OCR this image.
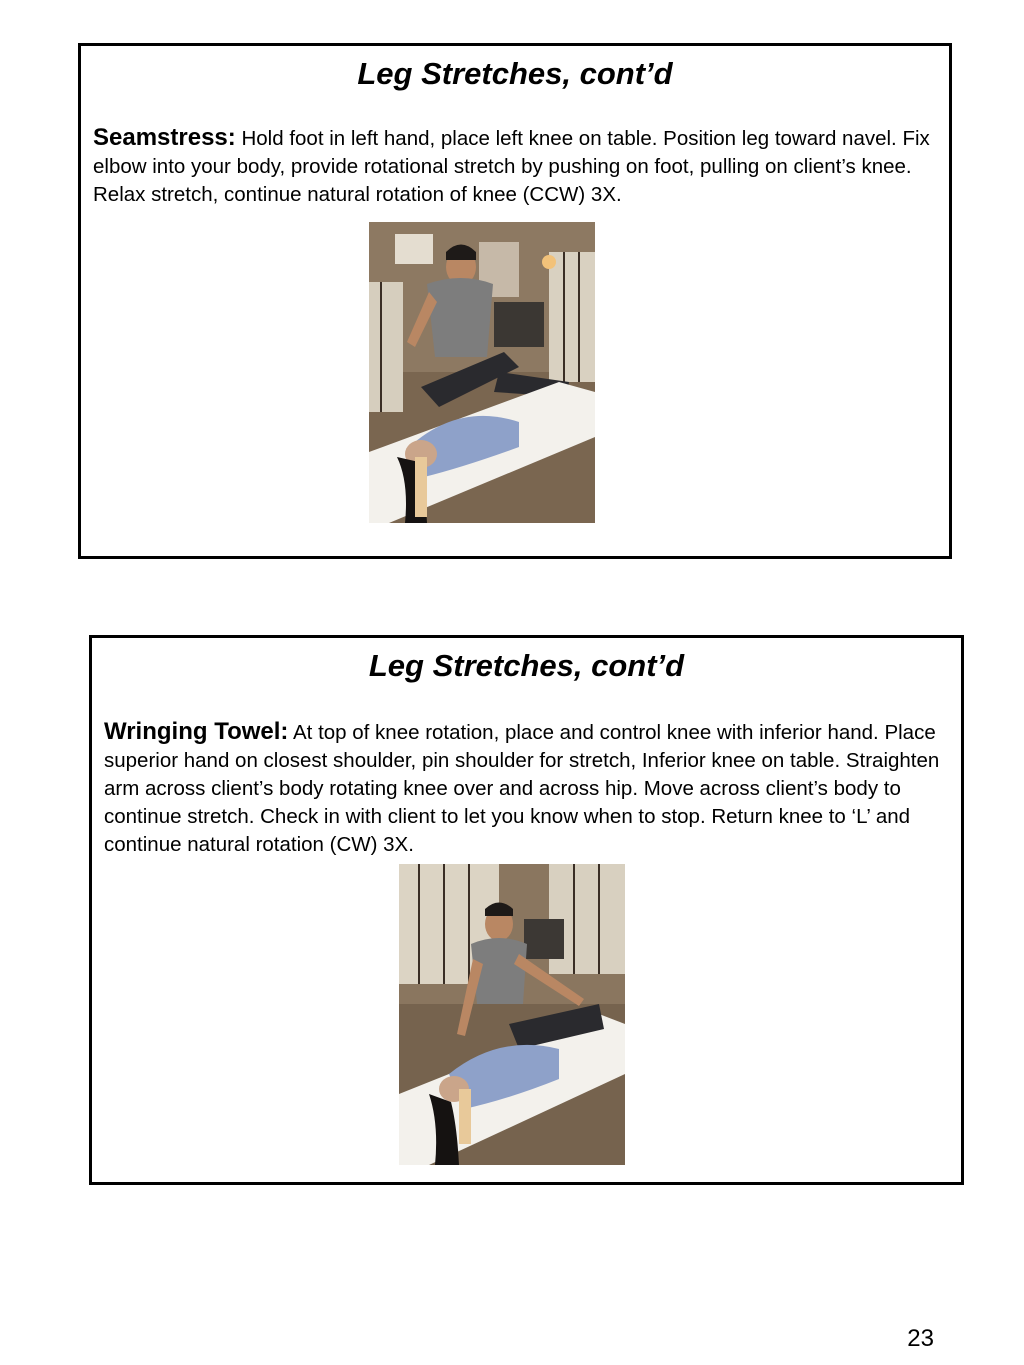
Leg Stretches, cont’d

Seamstress: Hold foot in left hand, place left knee on table. Position leg toward navel. Fix elbow into your body, provide rotational stretch by pushing on foot, pulling on client’s knee. Relax stretch, continue natural rotation of knee (CCW) 3X.

Leg Stretches, cont’d

Wringing Towel: At top of knee rotation, place and control knee with inferior hand. Place superior hand on closest shoulder, pin shoulder for stretch, Inferior knee on table. Straighten arm across client’s body rotating knee over and across hip. Move across client’s body to continue stretch. Check in with client to let you know when to stop. Return knee to ‘L’ and continue natural rotation (CW) 3X.

23
